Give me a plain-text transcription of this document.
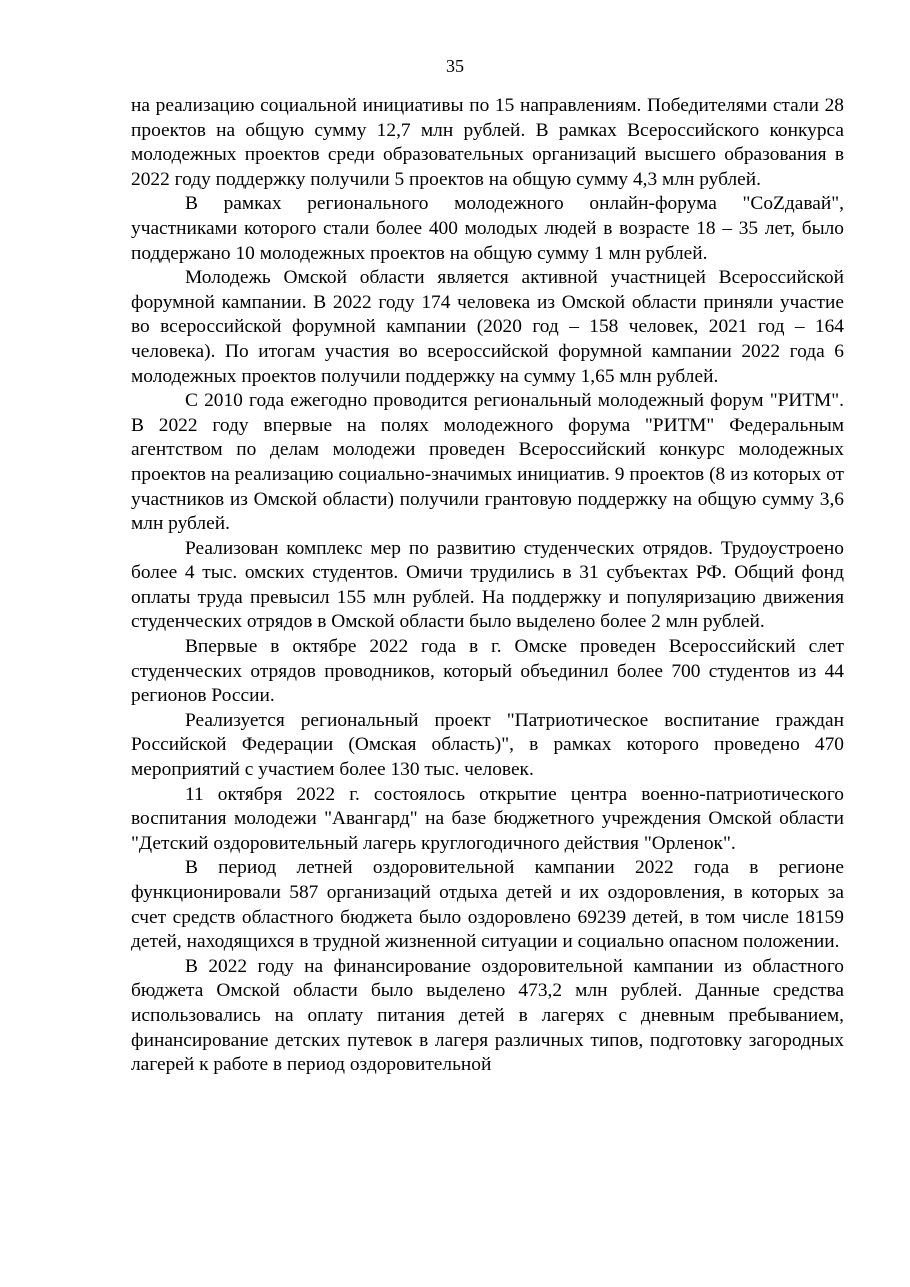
35

на реализацию социальной инициативы по 15 направлениям. Победителями стали 28 проектов на общую сумму 12,7 млн рублей. В рамках Всероссийского конкурса молодежных проектов среди образовательных организаций высшего образования в 2022 году поддержку получили 5 проектов на общую сумму 4,3 млн рублей.

В рамках регионального молодежного онлайн-форума "CoZдавай", участниками которого стали более 400 молодых людей в возрасте 18 – 35 лет, было поддержано 10 молодежных проектов на общую сумму 1 млн рублей.

Молодежь Омской области является активной участницей Всероссийской форумной кампании. В 2022 году 174 человека из Омской области приняли участие во всероссийской форумной кампании (2020 год – 158 человек, 2021 год – 164 человека). По итогам участия во всероссийской форумной кампании 2022 года 6 молодежных проектов получили поддержку на сумму 1,65 млн рублей.

С 2010 года ежегодно проводится региональный молодежный форум "РИТМ". В 2022 году впервые на полях молодежного форума "РИТМ" Федеральным агентством по делам молодежи проведен Всероссийский конкурс молодежных проектов на реализацию социально-значимых инициатив. 9 проектов (8 из которых от участников из Омской области) получили грантовую поддержку на общую сумму 3,6 млн рублей.

Реализован комплекс мер по развитию студенческих отрядов. Трудоустроено более 4 тыс. омских студентов. Омичи трудились в 31 субъектах РФ. Общий фонд оплаты труда превысил 155 млн рублей. На поддержку и популяризацию движения студенческих отрядов в Омской области было выделено более 2 млн рублей.

Впервые в октябре 2022 года в г. Омске проведен Всероссийский слет студенческих отрядов проводников, который объединил более 700 студентов из 44 регионов России.

Реализуется региональный проект "Патриотическое воспитание граждан Российской Федерации (Омская область)", в рамках которого проведено 470 мероприятий с участием более 130 тыс. человек.

11 октября 2022 г. состоялось открытие центра военно-патриотического воспитания молодежи "Авангард" на базе бюджетного учреждения Омской области "Детский оздоровительный лагерь круглогодичного действия "Орленок".

В период летней оздоровительной кампании 2022 года в регионе функционировали 587 организаций отдыха детей и их оздоровления, в которых за счет средств областного бюджета было оздоровлено 69239 детей, в том числе 18159 детей, находящихся в трудной жизненной ситуации и социально опасном положении.

В 2022 году на финансирование оздоровительной кампании из областного бюджета Омской области было выделено 473,2 млн рублей. Данные средства использовались на оплату питания детей в лагерях с дневным пребыванием, финансирование детских путевок в лагеря различных типов, подготовку загородных лагерей к работе в период оздоровительной
